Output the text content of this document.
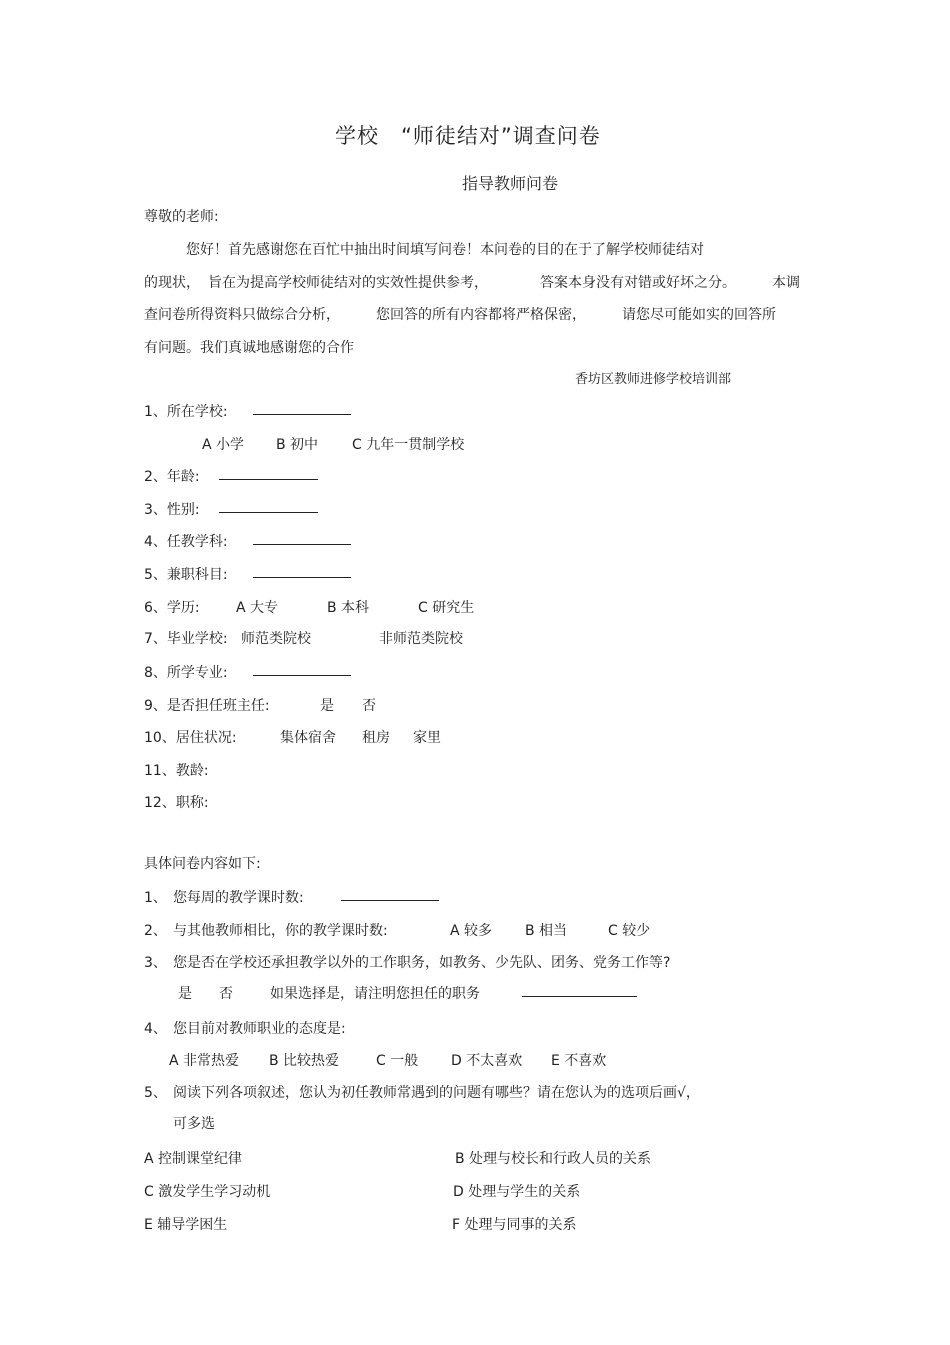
学校　“师徒结对”调查问卷
指导教师问卷
尊敬的老师:
您好！首先感谢您在百忙中抽出时间填写问卷！本问卷的目的在于了解学校师徒结对
的现状， 旨在为提高学校师徒结对的实效性提供参考，	答案本身没有对错或好坏之分。	本调
查问卷所得资料只做综合分析，	您回答的所有内容都将严格保密，	请您尽可能如实的回答所
有问题。我们真诚地感谢您的合作
香坊区教师进修学校培训部
1、所在学校:
A 小学 B 初中 C 九年一贯制学校
2、年龄:
3、性别:
4、任教学科:
5、兼职科目:
6、学历:	A 大专	B 本科	C 研究生
7、毕业学校: 师范类院校	非师范类院校
8、所学专业:
9、是否担任班主任:	是 否
10、居住状况:	集体宿舍 租房 家里
11、教龄:
12、职称:
具体问卷内容如下:
1、 您每周的教学课时数:
2、 与其他教师相比，你的教学课时数:	A 较多 B 相当	C 较少
3、 您是否在学校还承担教学以外的工作职务，如教务、少先队、团务、党务工作等?
是 否	如果选择是，请注明您担任的职务
4、 您目前对教师职业的态度是:
A 非常热爱 B 比较热爱	C 一般 D 不太喜欢 E 不喜欢
5、 阅读下列各项叙述，您认为初任教师常遇到的问题有哪些？请在您认为的选项后画√，
可多选
A 控制课堂纪律	B 处理与校长和行政人员的关系
C 激发学生学习动机	D 处理与学生的关系
E 辅导学困生	F 处理与同事的关系
